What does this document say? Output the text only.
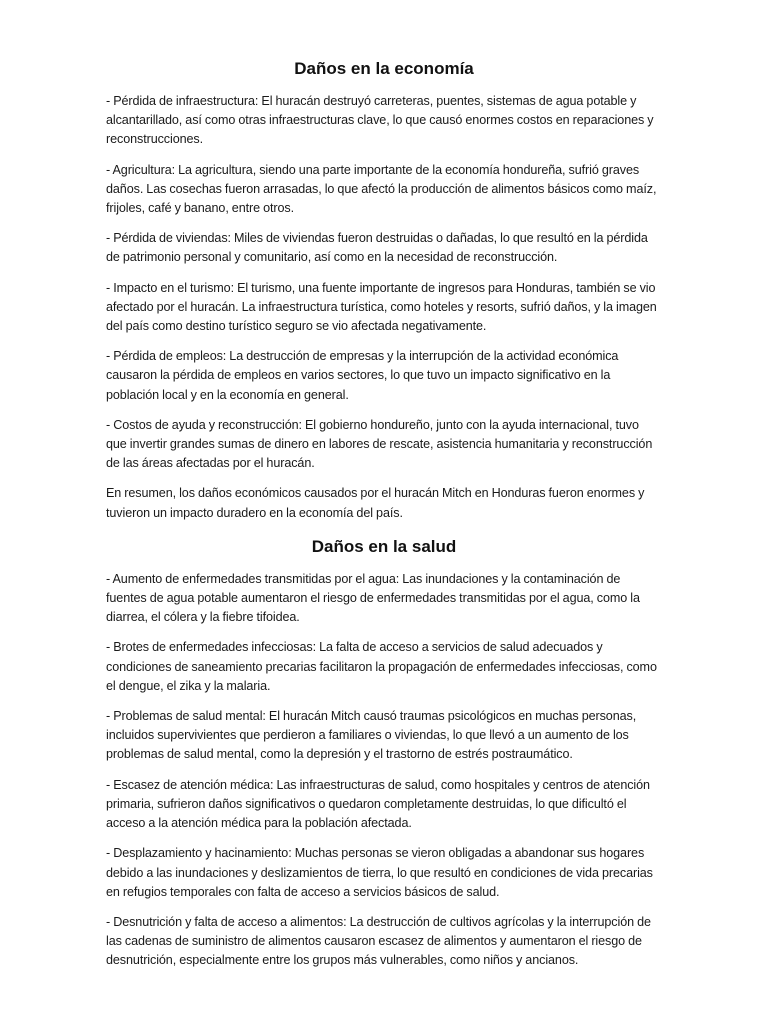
Daños en la economía

- Pérdida de infraestructura: El huracán destruyó carreteras, puentes, sistemas de agua potable y alcantarillado, así como otras infraestructuras clave, lo que causó enormes costos en reparaciones y reconstrucciones.

- Agricultura: La agricultura, siendo una parte importante de la economía hondureña, sufrió graves daños. Las cosechas fueron arrasadas, lo que afectó la producción de alimentos básicos como maíz, frijoles, café y banano, entre otros.

- Pérdida de viviendas: Miles de viviendas fueron destruidas o dañadas, lo que resultó en la pérdida de patrimonio personal y comunitario, así como en la necesidad de reconstrucción.

- Impacto en el turismo: El turismo, una fuente importante de ingresos para Honduras, también se vio afectado por el huracán. La infraestructura turística, como hoteles y resorts, sufrió daños, y la imagen del país como destino turístico seguro se vio afectada negativamente.

- Pérdida de empleos: La destrucción de empresas y la interrupción de la actividad económica causaron la pérdida de empleos en varios sectores, lo que tuvo un impacto significativo en la población local y en la economía en general.

- Costos de ayuda y reconstrucción: El gobierno hondureño, junto con la ayuda internacional, tuvo que invertir grandes sumas de dinero en labores de rescate, asistencia humanitaria y reconstrucción de las áreas afectadas por el huracán.

En resumen, los daños económicos causados por el huracán Mitch en Honduras fueron enormes y tuvieron un impacto duradero en la economía del país.

Daños en la salud

- Aumento de enfermedades transmitidas por el agua: Las inundaciones y la contaminación de fuentes de agua potable aumentaron el riesgo de enfermedades transmitidas por el agua, como la diarrea, el cólera y la fiebre tifoidea.

- Brotes de enfermedades infecciosas: La falta de acceso a servicios de salud adecuados y condiciones de saneamiento precarias facilitaron la propagación de enfermedades infecciosas, como el dengue, el zika y la malaria.

- Problemas de salud mental: El huracán Mitch causó traumas psicológicos en muchas personas, incluidos supervivientes que perdieron a familiares o viviendas, lo que llevó a un aumento de los problemas de salud mental, como la depresión y el trastorno de estrés postraumático.

- Escasez de atención médica: Las infraestructuras de salud, como hospitales y centros de atención primaria, sufrieron daños significativos o quedaron completamente destruidas, lo que dificultó el acceso a la atención médica para la población afectada.

- Desplazamiento y hacinamiento: Muchas personas se vieron obligadas a abandonar sus hogares debido a las inundaciones y deslizamientos de tierra, lo que resultó en condiciones de vida precarias en refugios temporales con falta de acceso a servicios básicos de salud.

- Desnutrición y falta de acceso a alimentos: La destrucción de cultivos agrícolas y la interrupción de las cadenas de suministro de alimentos causaron escasez de alimentos y aumentaron el riesgo de desnutrición, especialmente entre los grupos más vulnerables, como niños y ancianos.
